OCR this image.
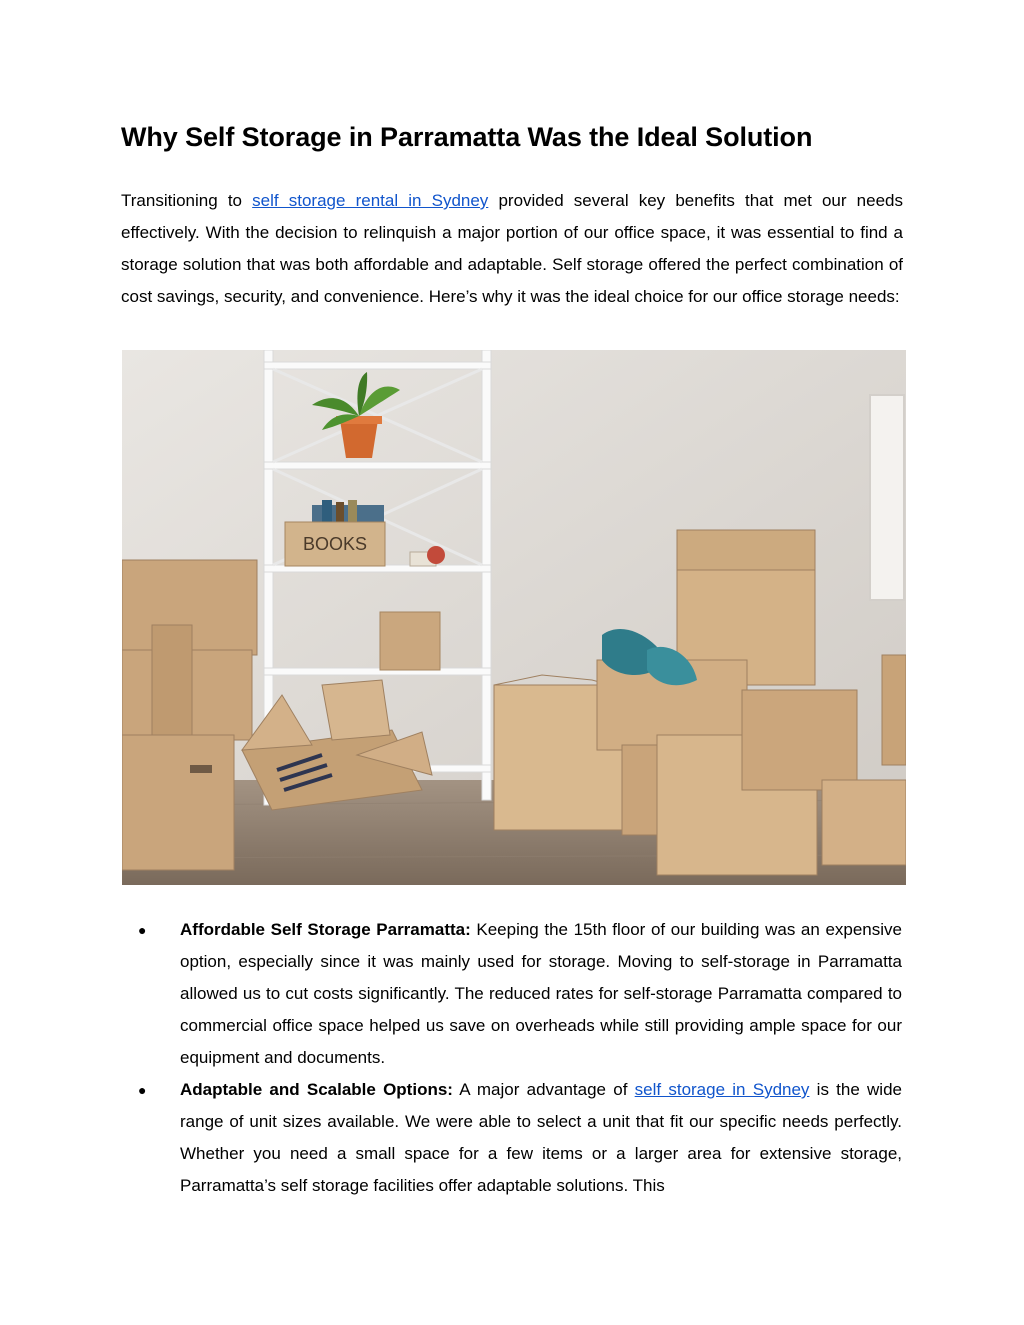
Why Self Storage in Parramatta Was the Ideal Solution

Transitioning to self storage rental in Sydney provided several key benefits that met our needs effectively. With the decision to relinquish a major portion of our office space, it was essential to find a storage solution that was both affordable and adaptable. Self storage offered the perfect combination of cost savings, security, and convenience. Here’s why it was the ideal choice for our office storage needs:

BOOKS
● Affordable Self Storage Parramatta: Keeping the 15th floor of our building was an expensive option, especially since it was mainly used for storage. Moving to self-storage in Parramatta allowed us to cut costs significantly. The reduced rates for self-storage Parramatta compared to commercial office space helped us save on overheads while still providing ample space for our equipment and documents.
● Adaptable and Scalable Options: A major advantage of self storage in Sydney is the wide range of unit sizes available. We were able to select a unit that fit our specific needs perfectly. Whether you need a small space for a few items or a larger area for extensive storage, Parramatta’s self storage facilities offer adaptable solutions. This
